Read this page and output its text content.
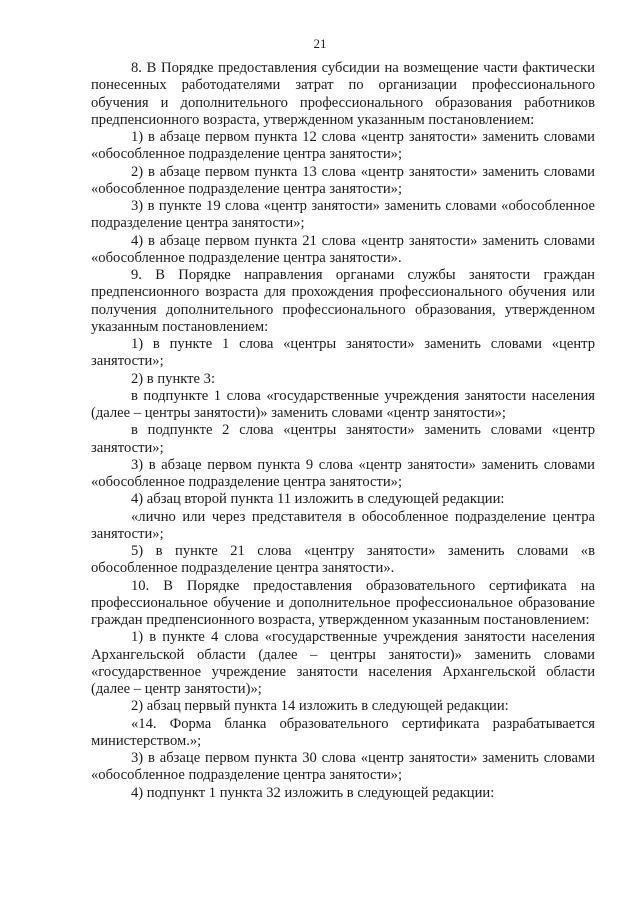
21

8. В Порядке предоставления субсидии на возмещение части фактически понесенных работодателями затрат по организации профессионального обучения и дополнительного профессионального образования работников предпенсионного возраста, утвержденном указанным постановлением:

1) в абзаце первом пункта 12 слова «центр занятости» заменить словами «обособленное подразделение центра занятости»;

2) в абзаце первом пункта 13 слова «центр занятости» заменить словами «обособленное подразделение центра занятости»;

3) в пункте 19 слова «центр занятости» заменить словами «обособленное подразделение центра занятости»;

4) в абзаце первом пункта 21 слова «центр занятости» заменить словами «обособленное подразделение центра занятости».

9. В Порядке направления органами службы занятости граждан предпенсионного возраста для прохождения профессионального обучения или получения дополнительного профессионального образования, утвержденном указанным постановлением:

1) в пункте 1 слова «центры занятости» заменить словами «центр занятости»;

2) в пункте 3:

в подпункте 1 слова «государственные учреждения занятости населения (далее – центры занятости)» заменить словами «центр занятости»;

в подпункте 2 слова «центры занятости» заменить словами «центр занятости»;

3) в абзаце первом пункта 9 слова «центр занятости» заменить словами «обособленное подразделение центра занятости»;

4) абзац второй пункта 11 изложить в следующей редакции:

«лично или через представителя в обособленное подразделение центра занятости»;

5) в пункте 21 слова «центру занятости» заменить словами «в обособленное подразделение центра занятости».

10. В Порядке предоставления образовательного сертификата на профессиональное обучение и дополнительное профессиональное образование граждан предпенсионного возраста, утвержденном указанным постановлением:

1) в пункте 4 слова «государственные учреждения занятости населения Архангельской области (далее – центры занятости)» заменить словами «государственное учреждение занятости населения Архангельской области (далее – центр занятости)»;

2) абзац первый пункта 14 изложить в следующей редакции:

«14. Форма бланка образовательного сертификата разрабатывается министерством.»;

3) в абзаце первом пункта 30 слова «центр занятости» заменить словами «обособленное подразделение центра занятости»;

4) подпункт 1 пункта 32 изложить в следующей редакции:
